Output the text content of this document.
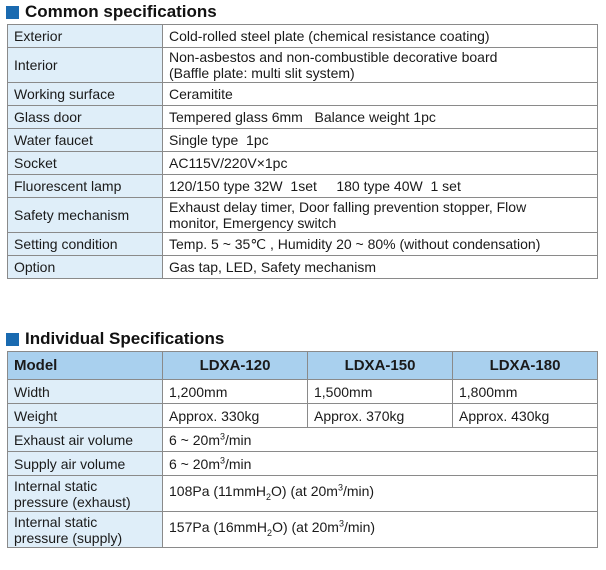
Common specifications
Exterior	Cold-rolled steel plate (chemical resistance coating)
Interior	Non-asbestos and non-combustible decorative board
(Baffle plate: multi slit system)

Working surface	Ceramitite
Glass door	Tempered glass 6mm   Balance weight 1pc
Water faucet	Single type  1pc
Socket	AC115V/220V×1pc
Fluorescent lamp	120/150 type 32W  1set     180 type 40W  1 set
Safety mechanism	Exhaust delay timer, Door falling prevention stopper, Flow
monitor, Emergency switch

Setting condition	Temp. 5 ~ 35℃ , Humidity 20 ~ 80% (without condensation)
Option	Gas tap, LED, Safety mechanism
Individual Specifications
Model	LDXA-120	LDXA-150	LDXA-180
Width	1,200mm	1,500mm	1,800mm
Weight	Approx. 330kg	Approx. 370kg	Approx. 430kg
Exhaust air volume	6 ~ $20m^3/\min$		
Supply air volume	6 ~ $20m^3/\min$		

Internal static
pressure (exhaust)	108Pa (11mmH$_2$O) (at $20m^3/\min$)		

Internal static
pressure (supply)	157Pa (16mmH$_2$O) (at $20m^3/\min$)		
